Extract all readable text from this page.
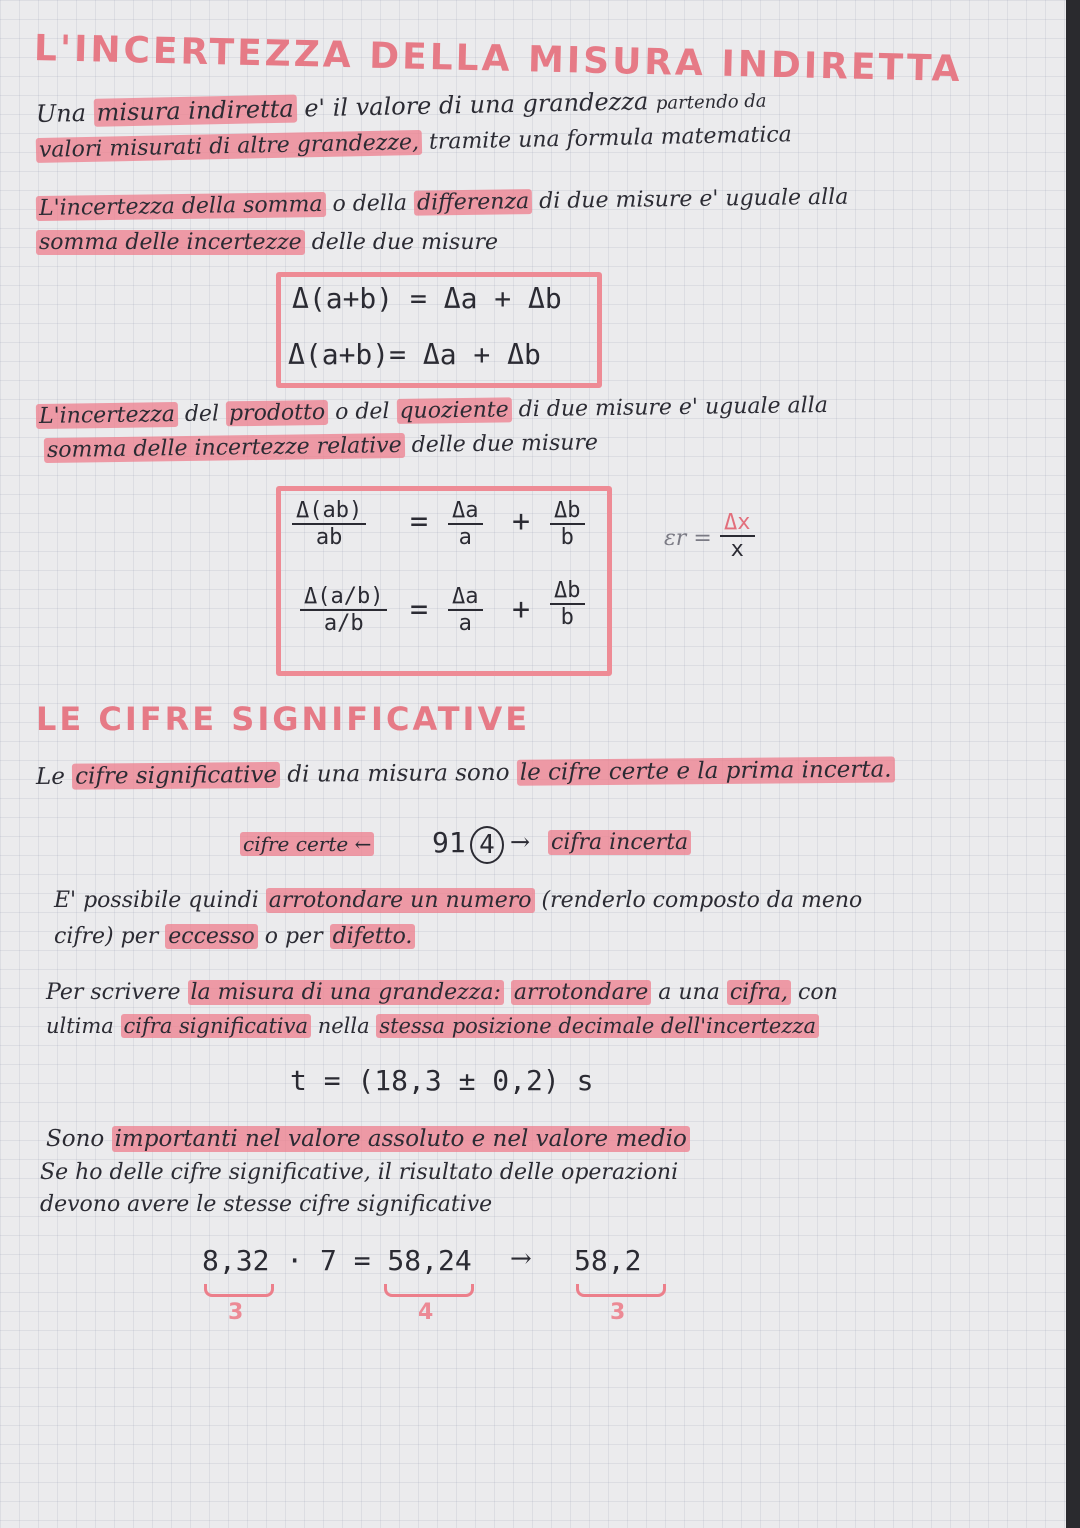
L'INCERTEZZA DELLA MISURA INDIRETTA
Una misura indiretta e' il valore di una grandezza partendo da
valori misurati di altre grandezze, tramite una formula matematica
L'incertezza della somma o della differenza di due misure e' uguale alla
somma delle incertezze delle due misure
Δ(a+b) = Δa + Δb
Δ(a+b)= Δa + Δb
L'incertezza del prodotto o del quoziente di due misure e' uguale alla
somma delle incertezze relative delle due misure
$\frac{\Delta(ab)}{ab} = \frac{\Delta a}{a} + \frac{\Delta b}{b}$
$\frac{\Delta(a/b)}{a/b} = \frac{\Delta a}{a} + \frac{\Delta b}{b}$
$\varepsilon r = \frac{\Delta x}{x}$
LE CIFRE SIGNIFICATIVE
Le cifre significative di una misura sono le cifre certe e la prima incerta.
cifre certe ← 91 4 → cifra incerta
E' possibile quindi arrotondare un numero (renderlo composto da meno
cifre) per eccesso o per difetto.
Per scrivere la misura di una grandezza: arrotondare a una cifra, con
ultima cifra significativa nella stessa posizione decimale dell'incertezza
t = (18,3 ± 0,2) s
Sono importanti nel valore assoluto e nel valore medio
Se ho delle cifre significative, il risultato delle operazioni
devono avere le stesse cifre significative
8,32 · 7 = 58,24 → 58,2
3	4	3
